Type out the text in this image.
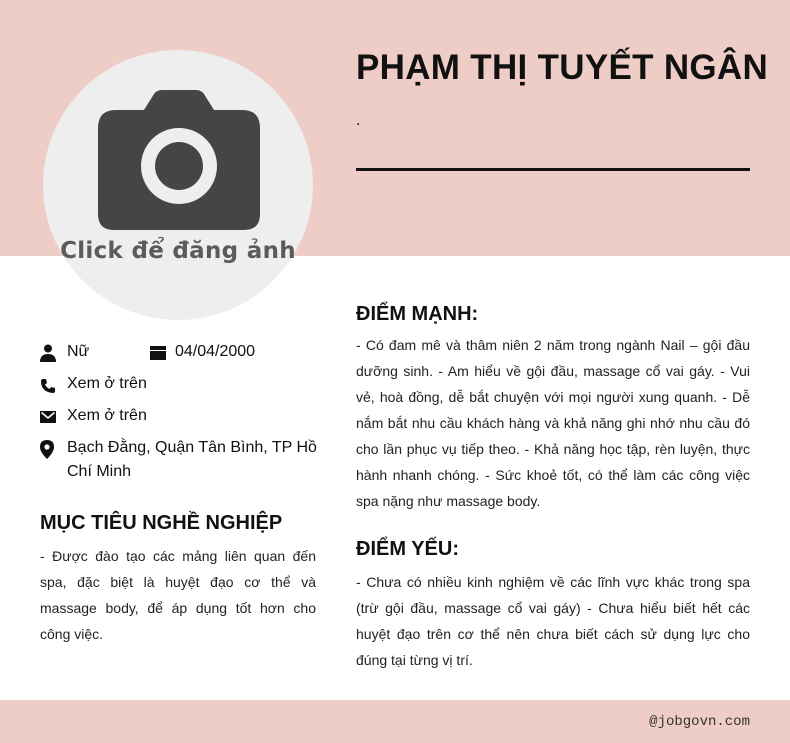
Click để đăng ảnh
PHẠM THỊ TUYẾT NGÂN
.
Nữ	04/04/2000
Xem ở trên
Xem ở trên
Bạch Đằng, Quận Tân Bình, TP Hồ Chí Minh
MỤC TIÊU NGHỀ NGHIỆP
- Được đào tạo các mảng liên quan đến spa, đặc biệt là huyệt đạo cơ thể và massage body, để áp dụng tốt hơn cho công việc.
ĐIỂM MẠNH:
- Có đam mê và thâm niên 2 năm trong ngành Nail – gội đầu dưỡng sinh. - Am hiểu về gội đầu, massage cổ vai gáy. - Vui vẻ, hoà đồng, dễ bắt chuyện với mọi người xung quanh. - Dễ nắm bắt nhu cầu khách hàng và khả năng ghi nhớ nhu cầu đó cho lần phục vụ tiếp theo. - Khả năng học tập, rèn luyện, thực hành nhanh chóng. - Sức khoẻ tốt, có thể làm các công việc spa nặng như massage body.
ĐIỂM YẾU:
- Chưa có nhiều kinh nghiệm về các lĩnh vực khác trong spa (trừ gội đầu, massage cổ vai gáy) - Chưa hiểu biết hết các huyệt đạo trên cơ thể nên chưa biết cách sử dụng lực cho đúng tại từng vị trí.
@jobgovn.com
